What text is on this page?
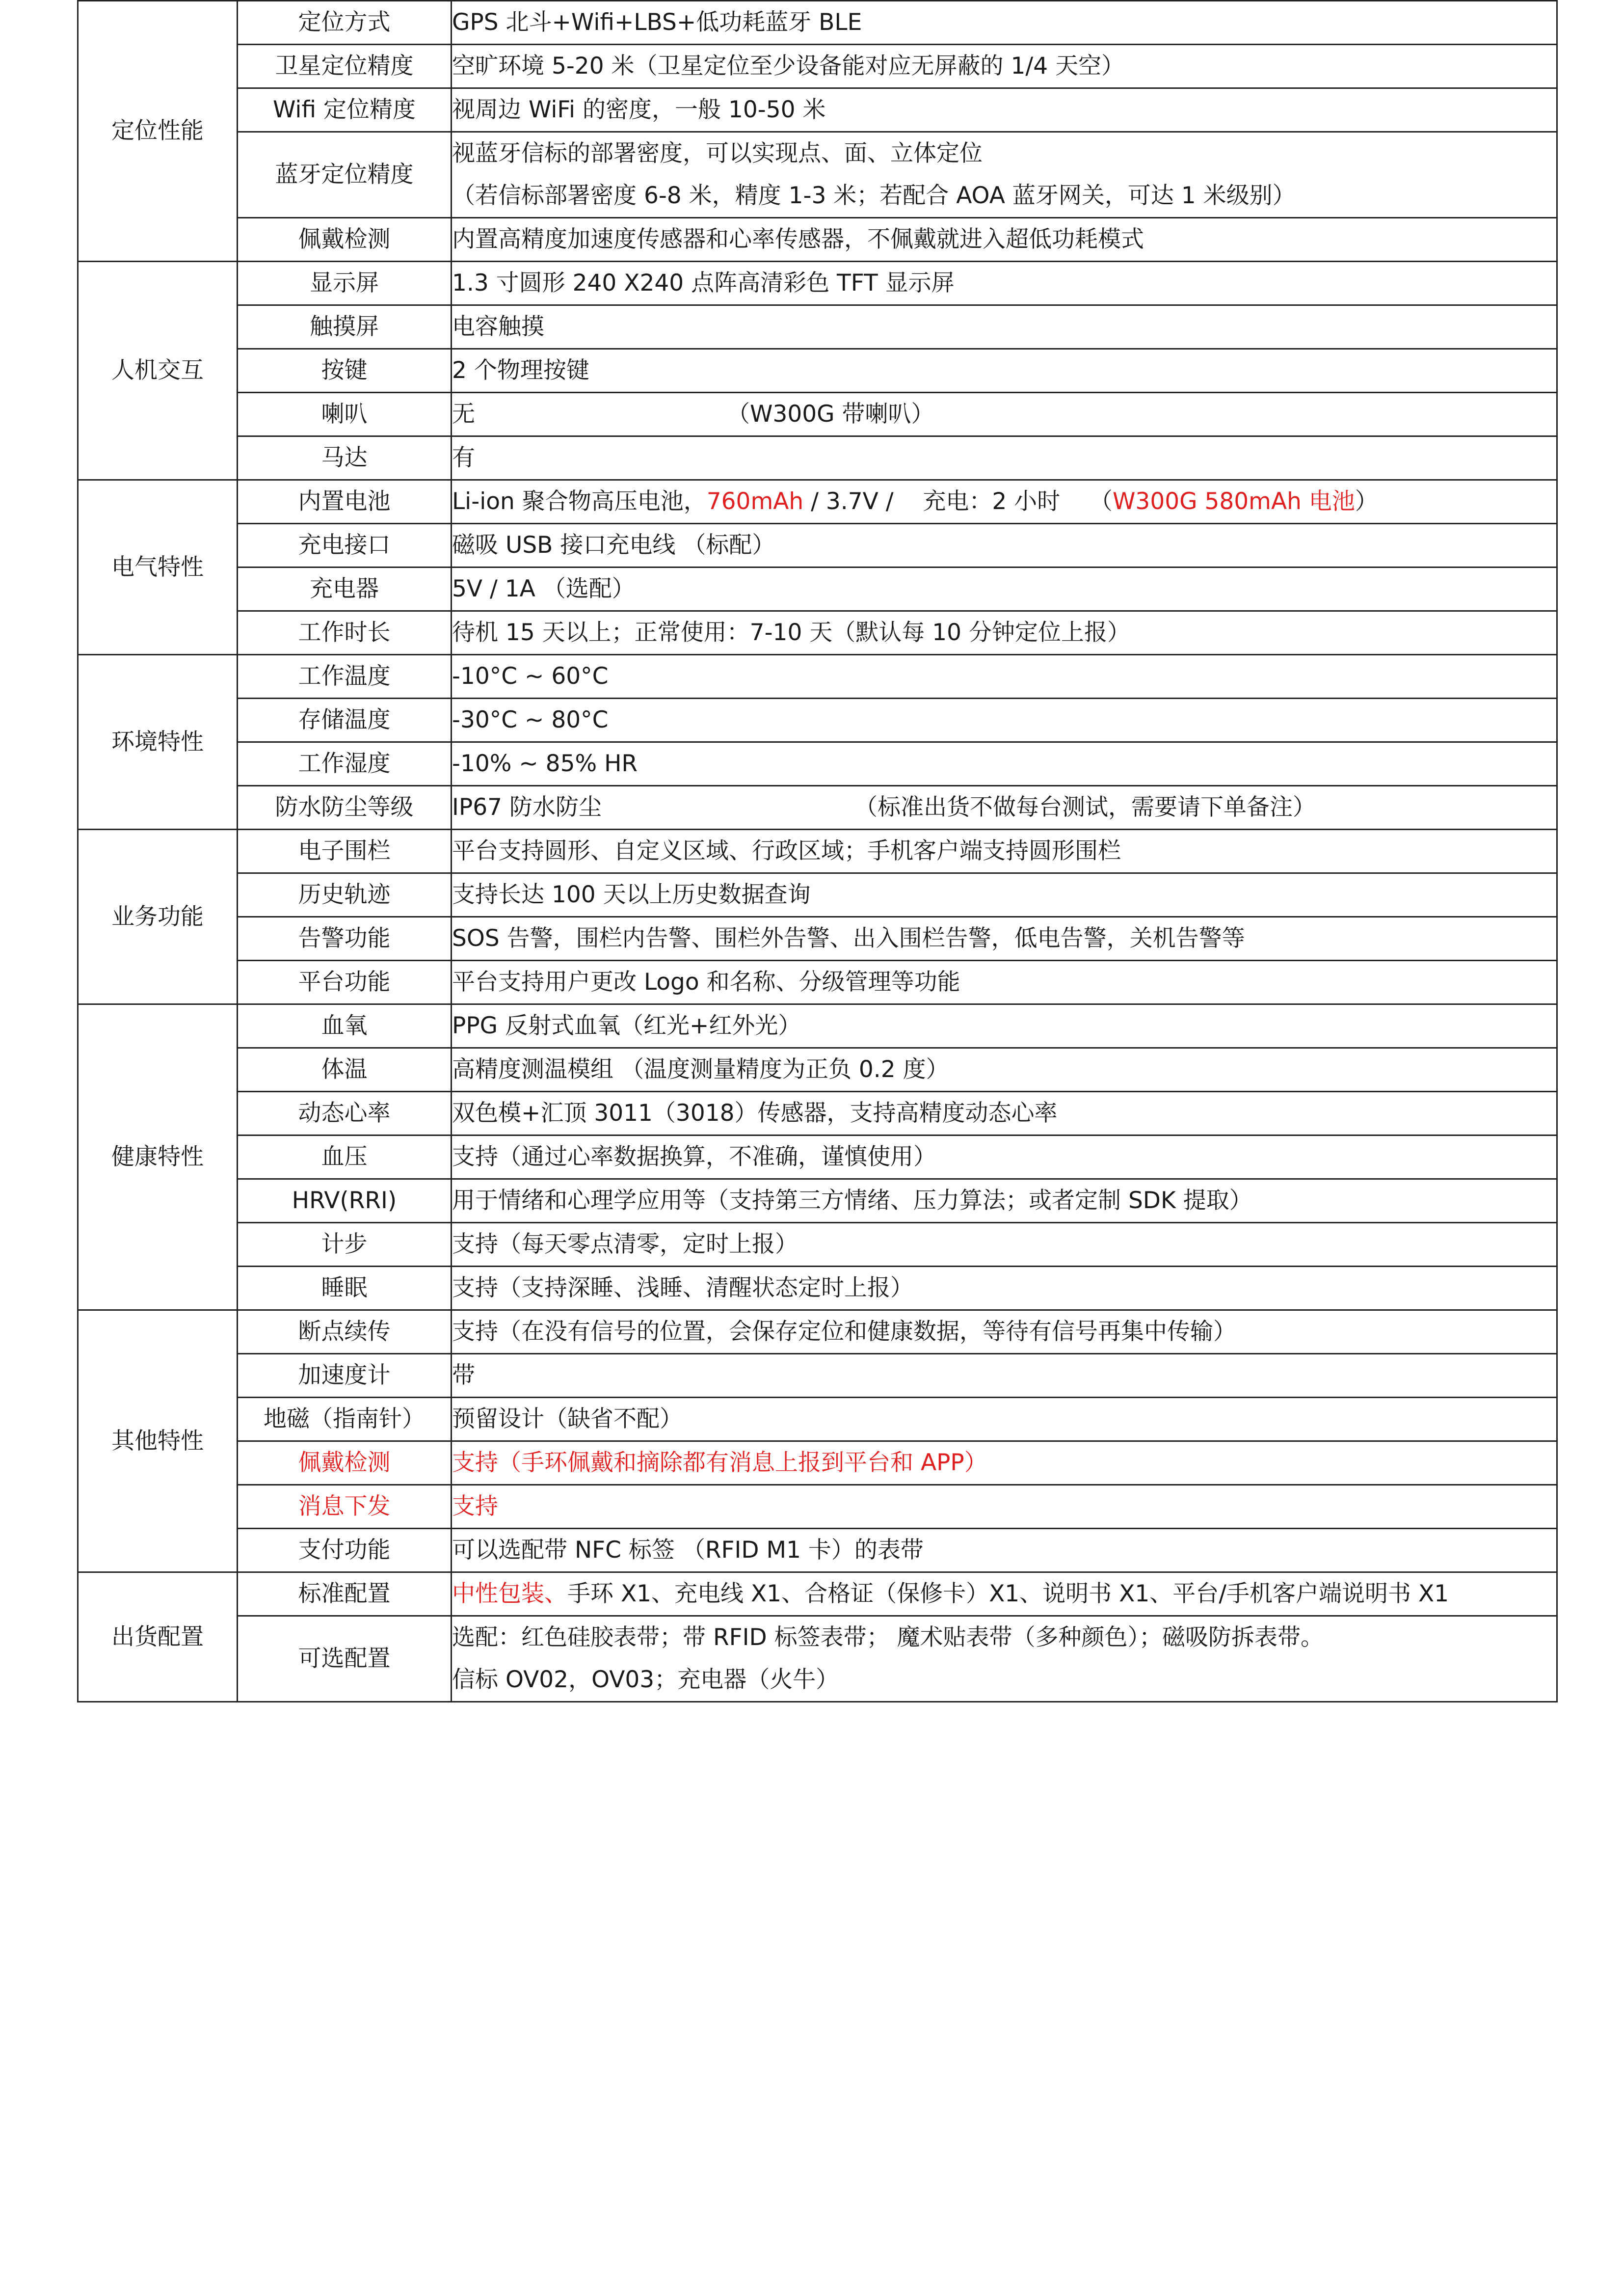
定位性能	定位方式	GPS 北斗+Wifi+LBS+低功耗蓝牙 BLE
	卫星定位精度	空旷环境 5-20 米（卫星定位至少设备能对应无屏蔽的 1/4 天空）
	Wifi 定位精度	视周边 WiFi 的密度，一般 10-50 米
	蓝牙定位精度	视蓝牙信标的部署密度，可以实现点、面、立体定位
（若信标部署密度 6-8 米，精度 1-3 米；若配合 AOA 蓝牙网关，可达 1 米级别）

	佩戴检测	内置高精度加速度传感器和心率传感器，不佩戴就进入超低功耗模式
人机交互	显示屏	1.3 寸圆形 240 X240 点阵高清彩色 TFT 显示屏
	触摸屏	电容触摸
	按键	2 个物理按键
	喇叭	无 （W300G 带喇叭）
	马达	有
电气特性	内置电池	Li-ion 聚合物高压电池，760mAh / 3.7V /    充电：2 小时    （W300G 580mAh 电池）
	充电接口	磁吸 USB 接口充电线 （标配）
	充电器	5V / 1A （选配）
	工作时长	待机 15 天以上；正常使用：7-10 天（默认每 10 分钟定位上报）
环境特性	工作温度	-10°C ~ 60°C
	存储温度	-30°C ~ 80°C
	工作湿度	-10% ~ 85% HR
	防水防尘等级	IP67 防水防尘 （标准出货不做每台测试，需要请下单备注）
业务功能	电子围栏	平台支持圆形、自定义区域、行政区域；手机客户端支持圆形围栏
	历史轨迹	支持长达 100 天以上历史数据查询
	告警功能	SOS 告警，围栏内告警、围栏外告警、出入围栏告警，低电告警，关机告警等
	平台功能	平台支持用户更改 Logo 和名称、分级管理等功能
健康特性	血氧	PPG 反射式血氧（红光+红外光）
	体温	高精度测温模组 （温度测量精度为正负 0.2 度）
	动态心率	双色模+汇顶 3011（3018）传感器，支持高精度动态心率
	血压	支持（通过心率数据换算，不准确，谨慎使用）
	HRV(RRI)	用于情绪和心理学应用等（支持第三方情绪、压力算法；或者定制 SDK 提取）
	计步	支持（每天零点清零，定时上报）
	睡眠	支持（支持深睡、浅睡、清醒状态定时上报）
其他特性	断点续传	支持（在没有信号的位置，会保存定位和健康数据，等待有信号再集中传输）
	加速度计	带
	地磁（指南针）	预留设计（缺省不配）
	佩戴检测	支持（手环佩戴和摘除都有消息上报到平台和 APP）
	消息下发	支持
	支付功能	可以选配带 NFC 标签 （RFID M1 卡）的表带
出货配置	标准配置	中性包装、手环 X1、充电线 X1、合格证（保修卡）X1、说明书 X1、平台/手机客户端说明书 X1
	可选配置	选配：红色硅胶表带；带 RFID 标签表带； 魔术贴表带（多种颜色）；磁吸防拆表带。
信标 OV02，OV03；充电器（火牛）
